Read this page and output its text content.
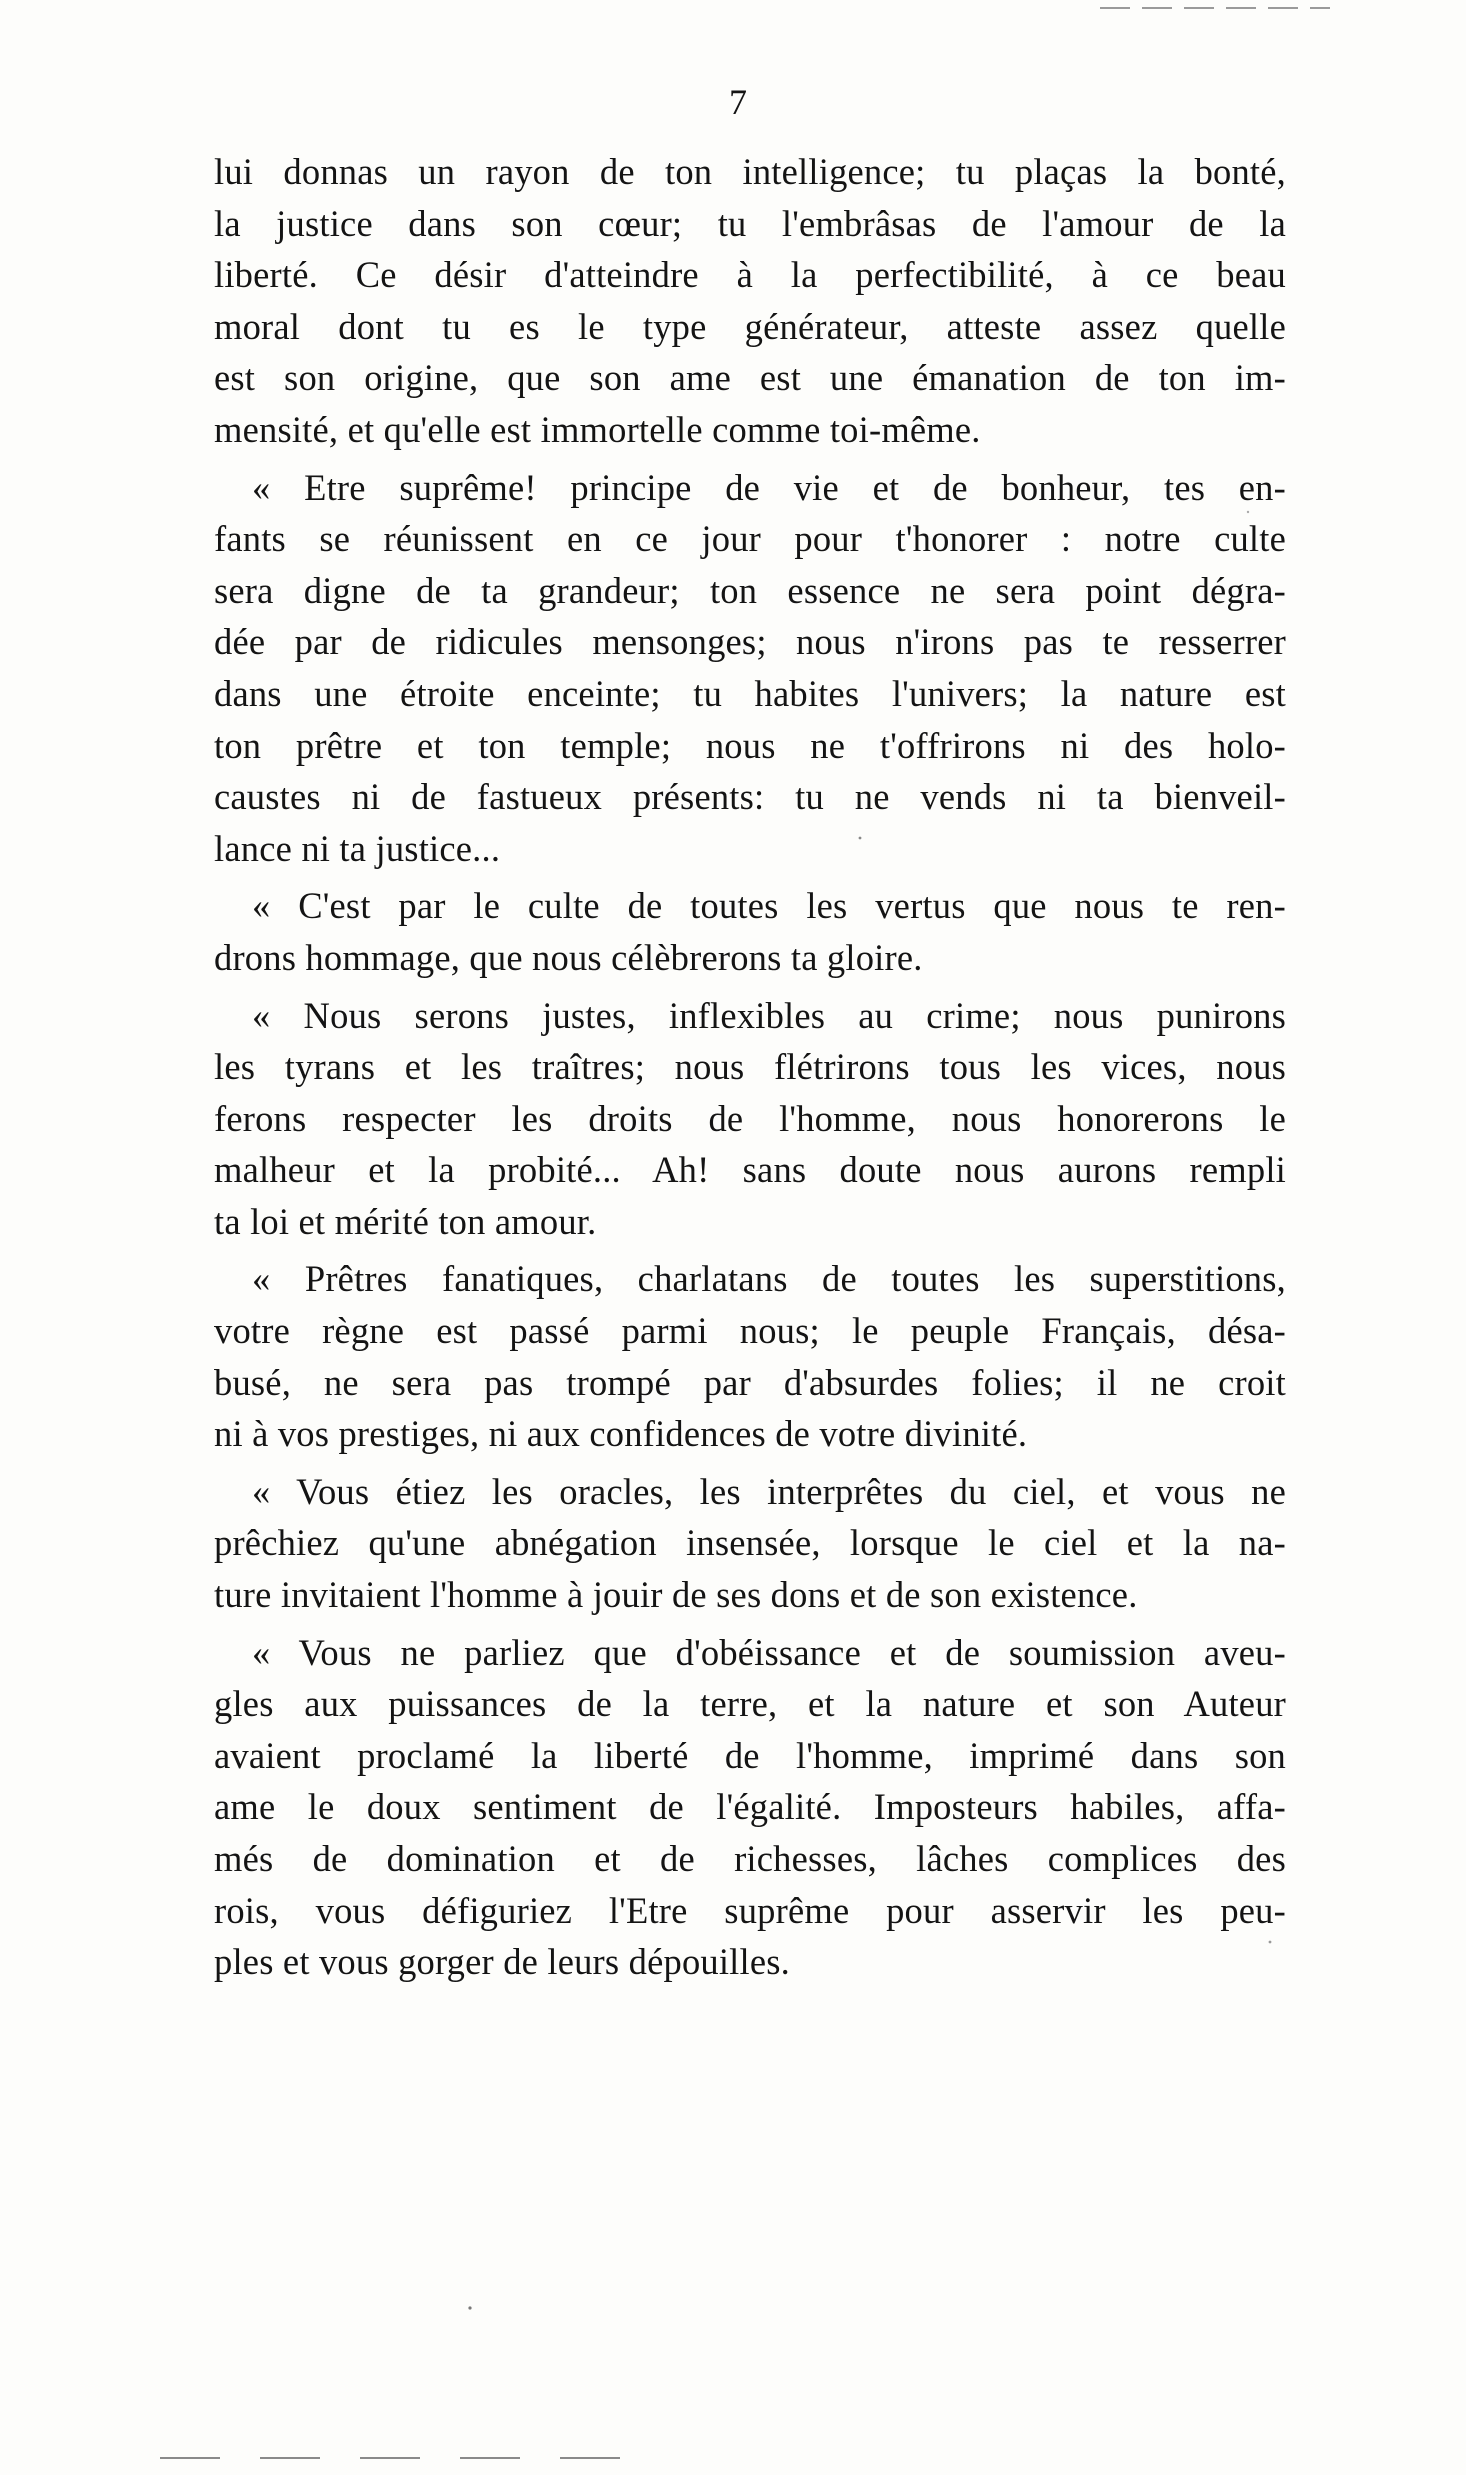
7
lui donnas un rayon de ton intelligence; tu plaças la bonté,
la justice dans son cœur; tu l'embrâsas de l'amour de la
liberté. Ce désir d'atteindre à la perfectibilité, à ce beau
moral dont tu es le type générateur, atteste assez quelle
est son origine, que son ame est une émanation de ton im-
mensité, et qu'elle est immortelle comme toi-même.
« Etre suprême! principe de vie et de bonheur, tes en-
fants se réunissent en ce jour pour t'honorer : notre culte
sera digne de ta grandeur; ton essence ne sera point dégra-
dée par de ridicules mensonges; nous n'irons pas te resserrer
dans une étroite enceinte; tu habites l'univers; la nature est
ton prêtre et ton temple; nous ne t'offrirons ni des holo-
caustes ni de fastueux présents: tu ne vends ni ta bienveil-
lance ni ta justice...
« C'est par le culte de toutes les vertus que nous te ren-
drons hommage, que nous célèbrerons ta gloire.
« Nous serons justes, inflexibles au crime; nous punirons
les tyrans et les traîtres; nous flétrirons tous les vices, nous
ferons respecter les droits de l'homme, nous honorerons le
malheur et la probité... Ah! sans doute nous aurons rempli
ta loi et mérité ton amour.
« Prêtres fanatiques, charlatans de toutes les superstitions,
votre règne est passé parmi nous; le peuple Français, désa-
busé, ne sera pas trompé par d'absurdes folies; il ne croit
ni à vos prestiges, ni aux confidences de votre divinité.
« Vous étiez les oracles, les interprêtes du ciel, et vous ne
prêchiez qu'une abnégation insensée, lorsque le ciel et la na-
ture invitaient l'homme à jouir de ses dons et de son existence.
« Vous ne parliez que d'obéissance et de soumission aveu-
gles aux puissances de la terre, et la nature et son Auteur
avaient proclamé la liberté de l'homme, imprimé dans son
ame le doux sentiment de l'égalité. Imposteurs habiles, affa-
més de domination et de richesses, lâches complices des
rois, vous défiguriez l'Etre suprême pour asservir les peu-
ples et vous gorger de leurs dépouilles.
